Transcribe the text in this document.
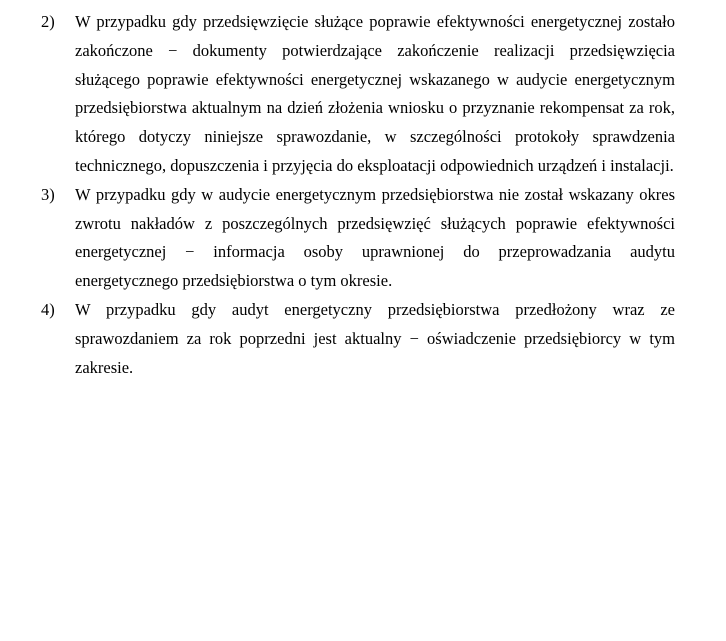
2)	W przypadku gdy przedsięwzięcie służące poprawie efektywności energetycznej zostało zakończone − dokumenty potwierdzające zakończenie realizacji przedsięwzięcia służącego poprawie efektywności energetycznej wskazanego w audycie energetycznym przedsiębiorstwa aktualnym na dzień złożenia wniosku o przyznanie rekompensat za rok, którego dotyczy niniejsze sprawozdanie, w szczególności protokoły sprawdzenia technicznego, dopuszczenia i przyjęcia do eksploatacji odpowiednich urządzeń i instalacji.
3)	W przypadku gdy w audycie energetycznym przedsiębiorstwa nie został wskazany okres zwrotu nakładów z poszczególnych przedsięwzięć służących poprawie efektywności energetycznej − informacja osoby uprawnionej do przeprowadzania audytu energetycznego przedsiębiorstwa o tym okresie.
4)	W przypadku gdy audyt energetyczny przedsiębiorstwa przedłożony wraz ze sprawozdaniem za rok poprzedni jest aktualny − oświadczenie przedsiębiorcy w tym zakresie.
